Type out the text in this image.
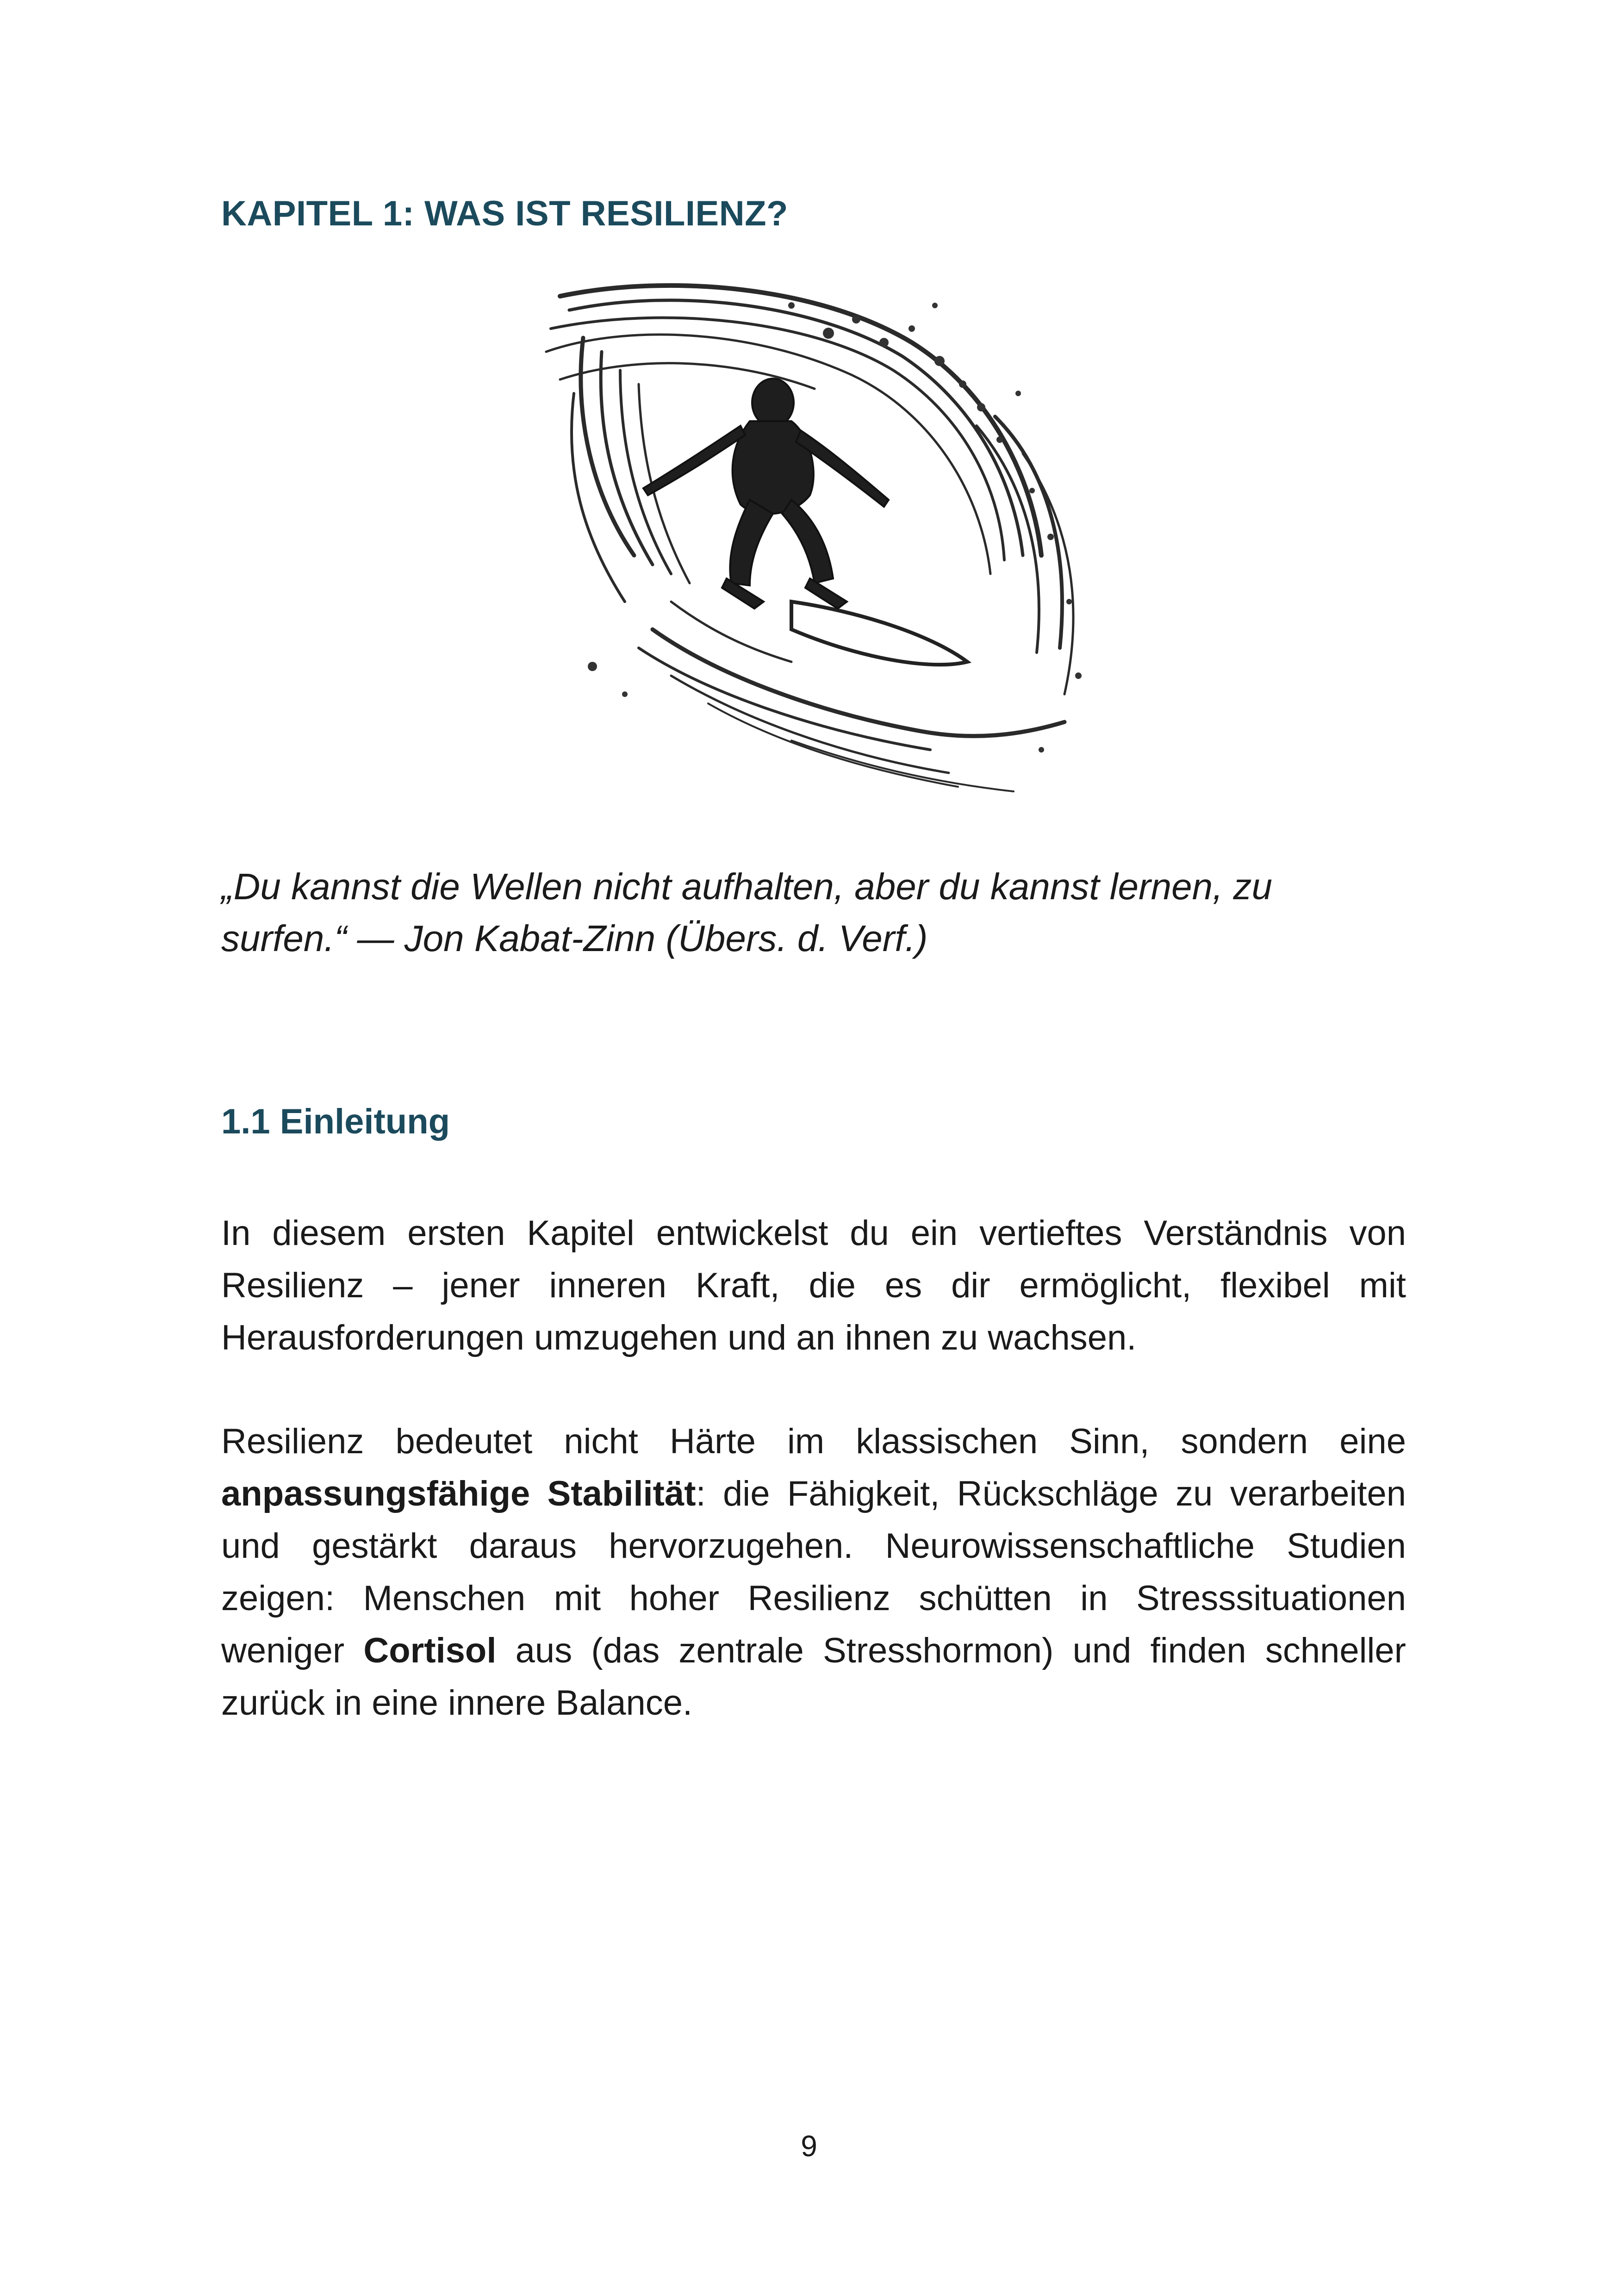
KAPITEL 1: WAS IST RESILIENZ?

„Du kannst die Wellen nicht aufhalten, aber du kannst lernen, zu surfen.“ — Jon Kabat-Zinn (Übers. d. Verf.)

1.1 Einleitung

In diesem ersten Kapitel entwickelst du ein vertieftes Verständnis von Resilienz – jener inneren Kraft, die es dir ermöglicht, flexibel mit Herausforderungen umzugehen und an ihnen zu wachsen.

Resilienz bedeutet nicht Härte im klassischen Sinn, sondern eine anpassungsfähige Stabilität: die Fähigkeit, Rückschläge zu verarbeiten und gestärkt daraus hervorzugehen. Neurowissenschaftliche Studien zeigen: Menschen mit hoher Resilienz schütten in Stresssituationen weniger Cortisol aus (das zentrale Stresshormon) und finden schneller zurück in eine innere Balance.

9
